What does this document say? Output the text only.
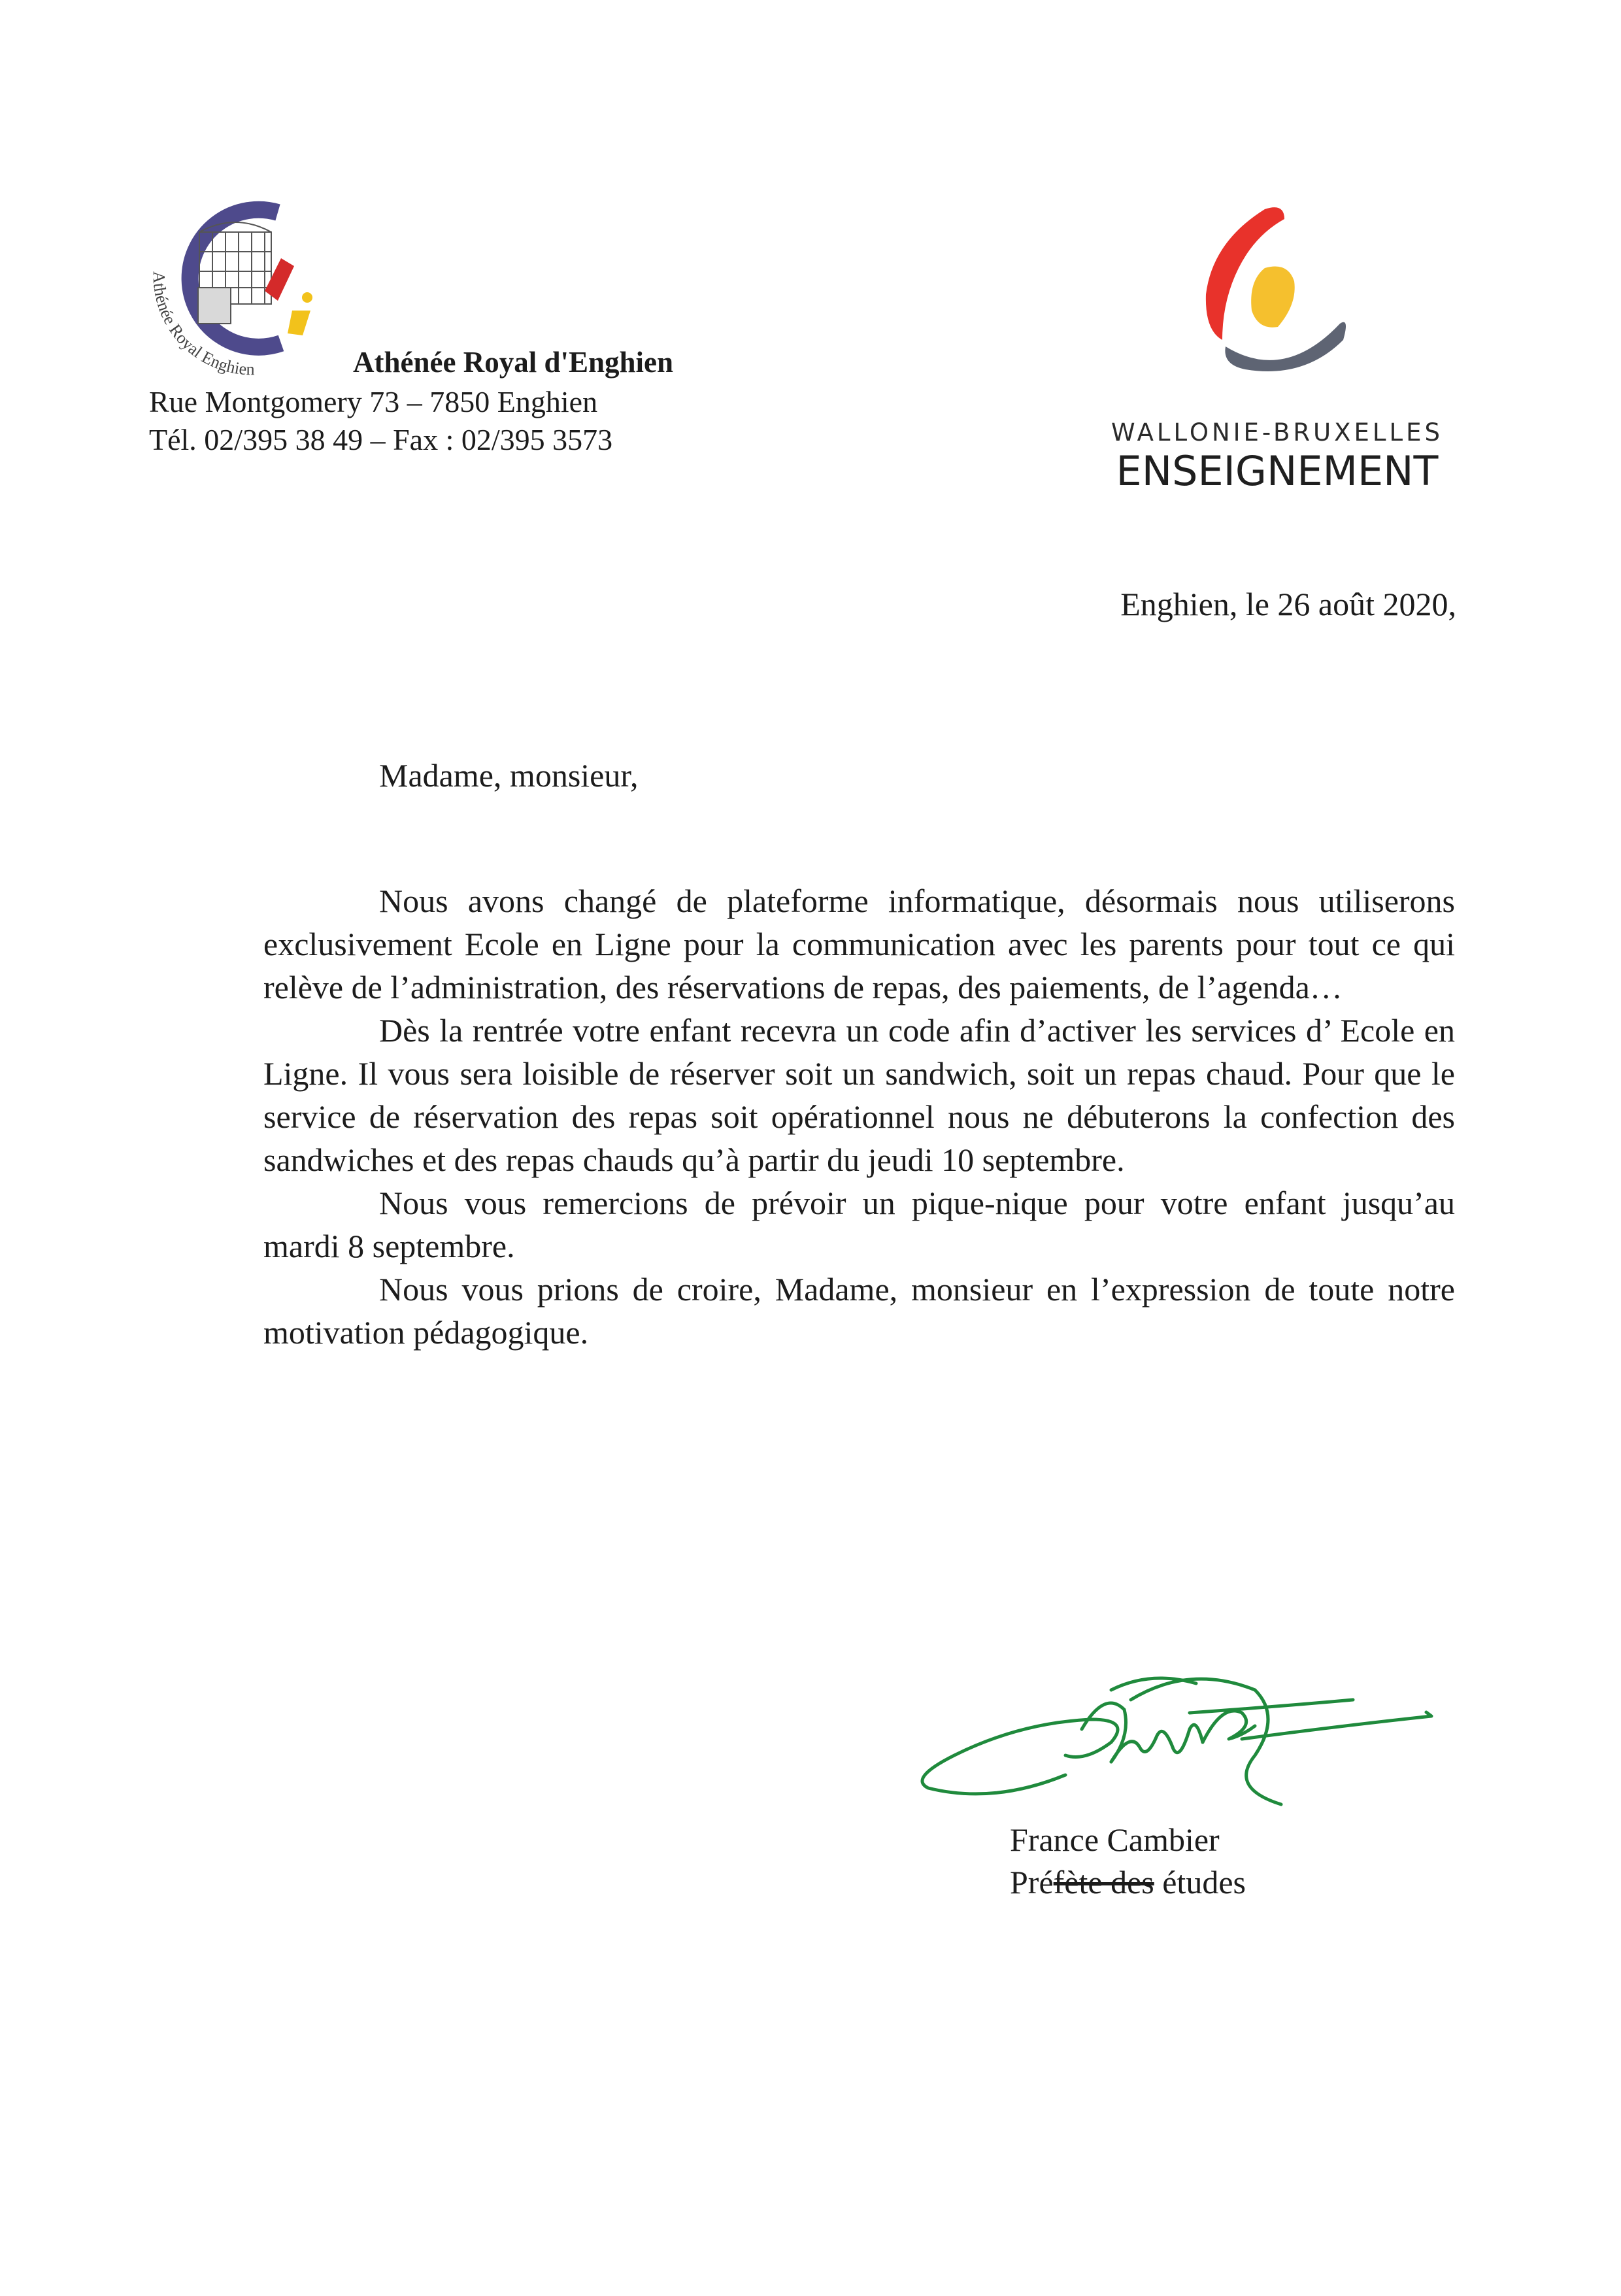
Athénée Royal Enghien	Athénée Royal d'Enghien
Rue Montgomery 73 – 7850 Enghien
Tél. 02/395 38 49 – Fax : 02/395 3573	WALLONIE-BRUXELLES
ENSEIGNEMENT
Enghien, le 26 août 2020,
Madame, monsieur,

Nous avons changé de plateforme informatique, désormais nous utiliserons exclusivement Ecole en Ligne pour la communication avec les parents pour tout ce qui relève de l’administration, des réservations de repas, des paiements, de l’agenda…

Dès la rentrée votre enfant recevra un code afin d’activer les services d’ Ecole en Ligne. Il vous sera loisible de réserver soit un sandwich, soit un repas chaud. Pour que le service de réservation des repas soit opérationnel nous ne débuterons la confection des sandwiches et des repas chauds qu’à partir du jeudi 10 septembre.

Nous vous remercions de prévoir un pique-nique pour votre enfant jusqu’au mardi 8 septembre.

Nous vous prions de croire, Madame, monsieur en l’expression de toute notre motivation pédagogique.

France Cambier
Préfète des études
